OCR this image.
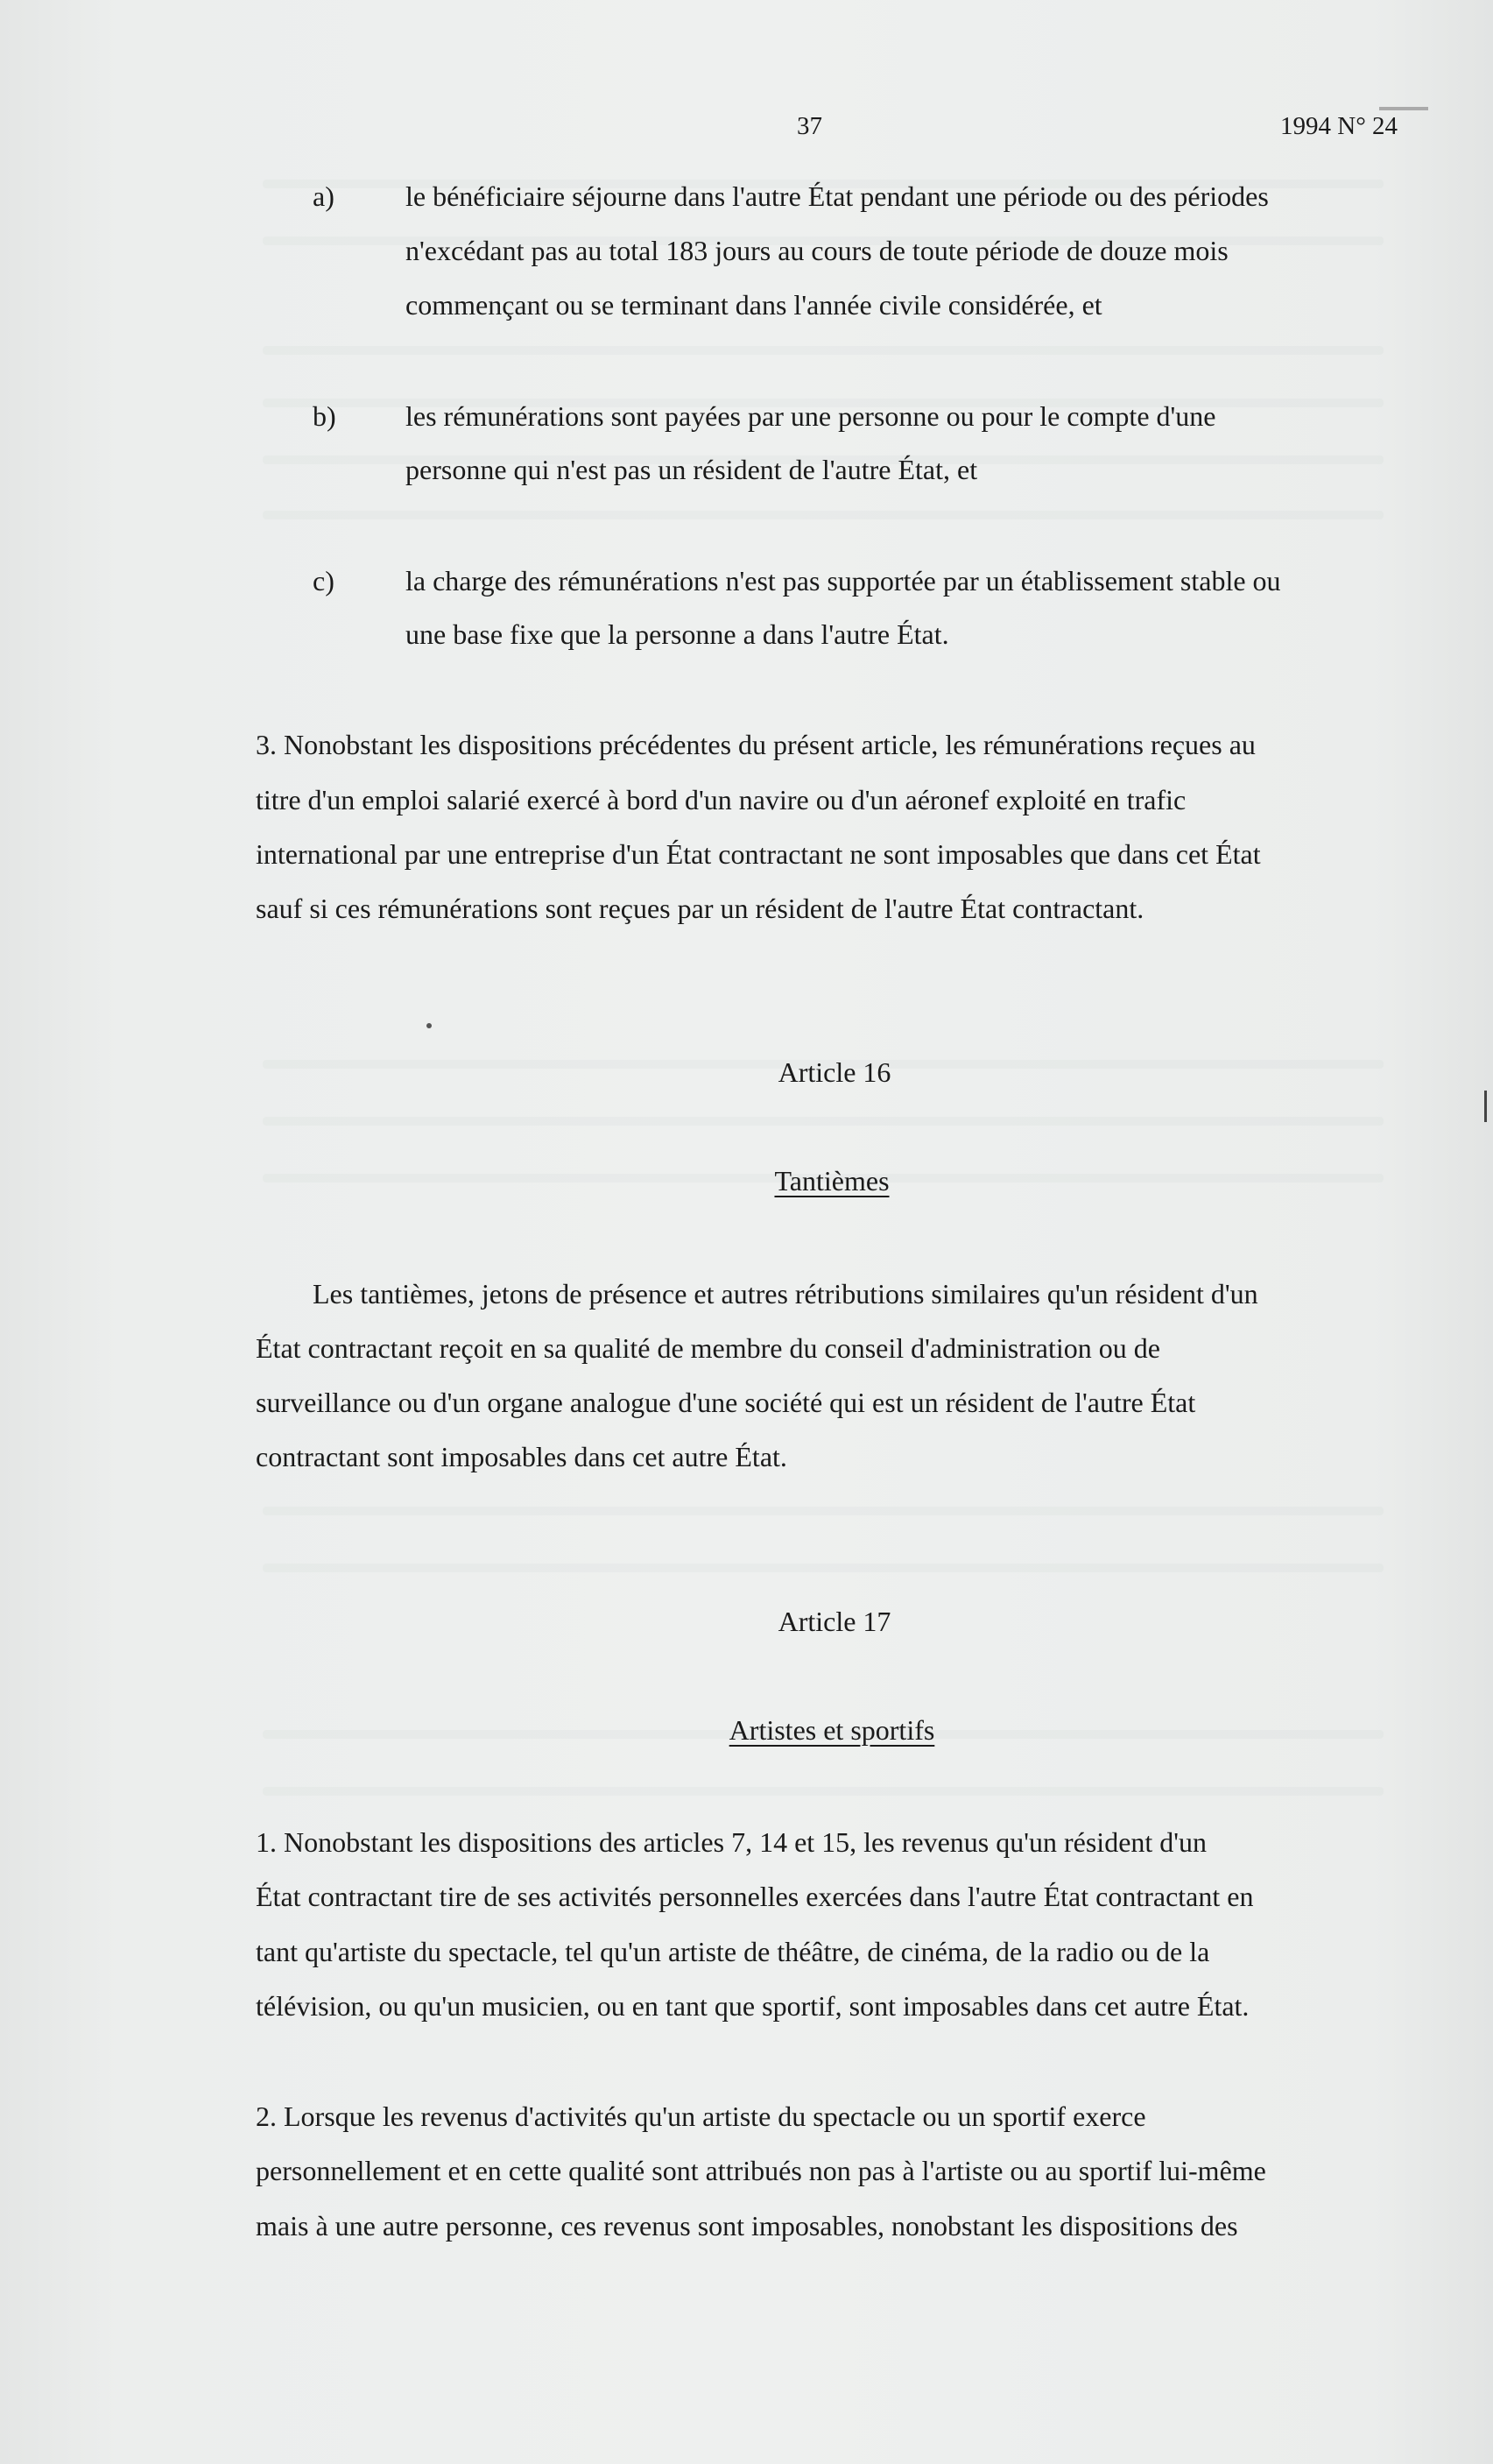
37	1994 N° 24
a)	le bénéficiaire séjourne dans l'autre État pendant une période ou des périodes
n'excédant pas au total 183 jours au cours de toute période de douze mois
commençant ou se terminant dans l'année civile considérée, et
b) les rémunérations sont payées par une personne ou pour le compte d'une
personne qui n'est pas un résident de l'autre État, et
c)	la charge des rémunérations n'est pas supportée par un établissement stable ou
une base fixe que la personne a dans l'autre État.
3. Nonobstant les dispositions précédentes du présent article, les rémunérations reçues au
titre d'un emploi salarié exercé à bord d'un navire ou d'un aéronef exploité en trafic
international par une entreprise d'un État contractant ne sont imposables que dans cet État
sauf si ces rémunérations sont reçues par un résident de l'autre État contractant.
Article 16
Tantièmes
Les tantièmes, jetons de présence et autres rétributions similaires qu'un résident d'un
État contractant reçoit en sa qualité de membre du conseil d'administration ou de
surveillance ou d'un organe analogue d'une société qui est un résident de l'autre État
contractant sont imposables dans cet autre État.
Article 17
Artistes et sportifs
1. Nonobstant les dispositions des articles 7, 14 et 15, les revenus qu'un résident d'un
État contractant tire de ses activités personnelles exercées dans l'autre État contractant en
tant qu'artiste du spectacle, tel qu'un artiste de théâtre, de cinéma, de la radio ou de la
télévision, ou qu'un musicien, ou en tant que sportif, sont imposables dans cet autre État.
2. Lorsque les revenus d'activités qu'un artiste du spectacle ou un sportif exerce
personnellement et en cette qualité sont attribués non pas à l'artiste ou au sportif lui-même
mais à une autre personne, ces revenus sont imposables, nonobstant les dispositions des
